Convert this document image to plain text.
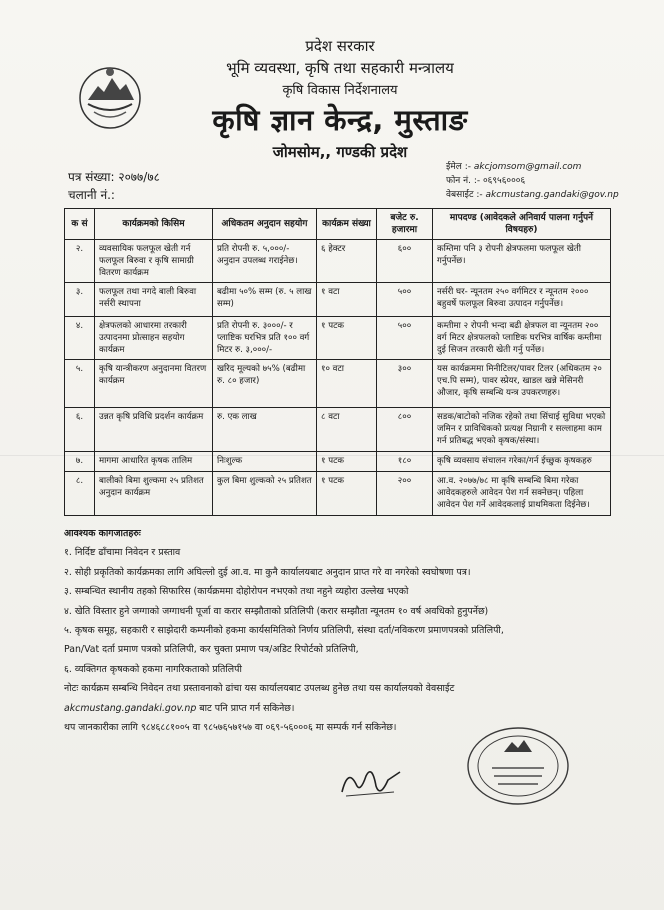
प्रदेश सरकार
भूमि व्यवस्था, कृषि तथा सहकारी मन्त्रालय
कृषि विकास निर्देशनालय
कृषि ज्ञान केन्द्र, मुस्ताङ
जोमसोम,, गण्डकी प्रदेश
पत्र संख्या: २०७७/७८
चलानी नं.:
ईमेल :- akcjomsom@gmail.com
फोन नं. :- ०६९५६०००६
वेबसाईट :- akcmustang.gandaki@gov.np
क सं	कार्यक्रमको किसिम	अधिकतम अनुदान सहयोग	कार्यक्रम संख्या	बजेट रु. हजारमा	मापदण्ड (आवेदकले अनिवार्य पालना गर्नुपर्ने विषयहरु)
२.	व्यवसायिक फलफूल खेती गर्न फलफूल बिरुवा र कृषि सामाग्री वितरण कार्यक्रम	प्रति रोपनी रु. ५,०००/- अनुदान उपलब्ध गराईनेछ।	६ हेक्टर	६००	कम्तिमा पनि ३ रोपनी क्षेत्रफलमा फलफूल खेती गर्नुपर्नेछ।
३.	फलफूल तथा नगदे बाली बिरुवा नर्सरी स्थापना	बढीमा ५०% सम्म (रु. ५ लाख सम्म)	१ वटा	५००	नर्सरी घर- न्यूनतम २५० वर्गमिटर र न्यूनतम २००० बहुवर्षे फलफूल बिरुवा उत्पादन गर्नुपर्नेछ।
४.	क्षेत्रफलको आधारमा तरकारी उत्पादनमा प्रोत्साहन सहयोग कार्यक्रम	प्रति रोपनी रु. ३०००/- र प्लाष्टिक घरभित्र प्रति १०० वर्ग मिटर रु. ३,०००/-	१ पटक	५००	कम्तीमा २ रोपनी भन्दा बढी क्षेत्रफल वा न्यूनतम २०० वर्ग मिटर क्षेत्रफलको प्लाष्टिक घरभित्र वार्षिक कम्तीमा दुई सिजन तरकारी खेती गर्नु पर्नेछ।
५.	कृषि यान्त्रीकरण अनुदानमा वितरण कार्यक्रम	खरिद मूल्यको ७५% (बढीमा रु. ८० हजार)	१० वटा	३००	यस कार्यक्रममा मिनीटिलर/पावर टिलर (अधिकतम २० एच.पि सम्म), पावर स्प्रेयर, खाडल खन्ने मेसिनरी औजार, कृषि सम्बन्धि यन्त्र उपकरणहरु।
६.	उन्नत कृषि प्रविधि प्रदर्शन कार्यक्रम	रु. एक लाख	८ वटा	८००	सडक/बाटोको नजिक रहेको तथा सिंचाई सुविधा भएको जमिन र प्राविधिकको प्रत्यक्ष निग्रानी र सल्लाहमा काम गर्न प्रतिबद्ध भएको कृषक/संस्था।
७.	मागमा आधारित कृषक तालिम	निःशुल्क	१ पटक	१८०	कृषि व्यवसाय संचालन गरेका/गर्न ईच्छुक कृषकहरु
८.	बालीको बिमा शुल्कमा २५ प्रतिशत अनुदान कार्यक्रम	कुल बिमा शुल्कको २५ प्रतिशत	१ पटक	२००	आ.व. २०७७/७८ मा कृषि सम्बन्धि बिमा गरेका आवेदकहरुले आवेदन पेश गर्न सक्नेछन्। पहिला आवेदन पेश गर्ने आवेदकलाई प्राथमिकता दिईनेछ।
आवश्यक कागजातहरुः
१. निर्दिष्ट ढाँचामा निवेदन र प्रस्ताव
२. सोही प्रकृतिको कार्यक्रमका लागि अघिल्लो दुई आ.व. मा कुनै कार्यालयबाट अनुदान प्राप्त गरे वा नगरेको स्वघोषणा पत्र।
३. सम्बन्धित स्थानीय तहको सिफारिस (कार्यक्रममा दोहोरोपन नभएको तथा नहुने व्यहोरा उल्लेख भएको
४. खेति विस्तार हुने जग्गाको जग्गाधनी पूर्जा वा करार सम्झौताको प्रतिलिपी (करार सम्झौता न्यूनतम १० वर्ष अवधिको हुनुपर्नेछ)
५. कृषक समूह, सहकारी र साझेदारी कम्पनीको हकमा कार्यसमितिको निर्णय प्रतिलिपी, संस्था दर्ता/नविकरण प्रमाणपत्रको प्रतिलिपी,
Pan/Vat दर्ता प्रमाण पत्रको प्रतिलिपी, कर चुक्ता प्रमाण पत्र/अडिट रिपोर्टको प्रतिलिपी,
६. व्यक्तिगत कृषकको हकमा नागरिकताको प्रतिलिपी
नोटः कार्यक्रम सम्बन्धि निवेदन तथा प्रस्तावनाको ढांचा यस कार्यालयबाट उपलब्ध हुनेछ तथा यस कार्यालयको वेवसाईट
akcmustang.gandaki.gov.np बाट पनि प्राप्त गर्न सकिनेछ।
थप जानकारीका लागि ९८४६८८१००५ वा ९८५७६५७१५७ वा ०६९-५६०००६ मा सम्पर्क गर्न सकिनेछ।
